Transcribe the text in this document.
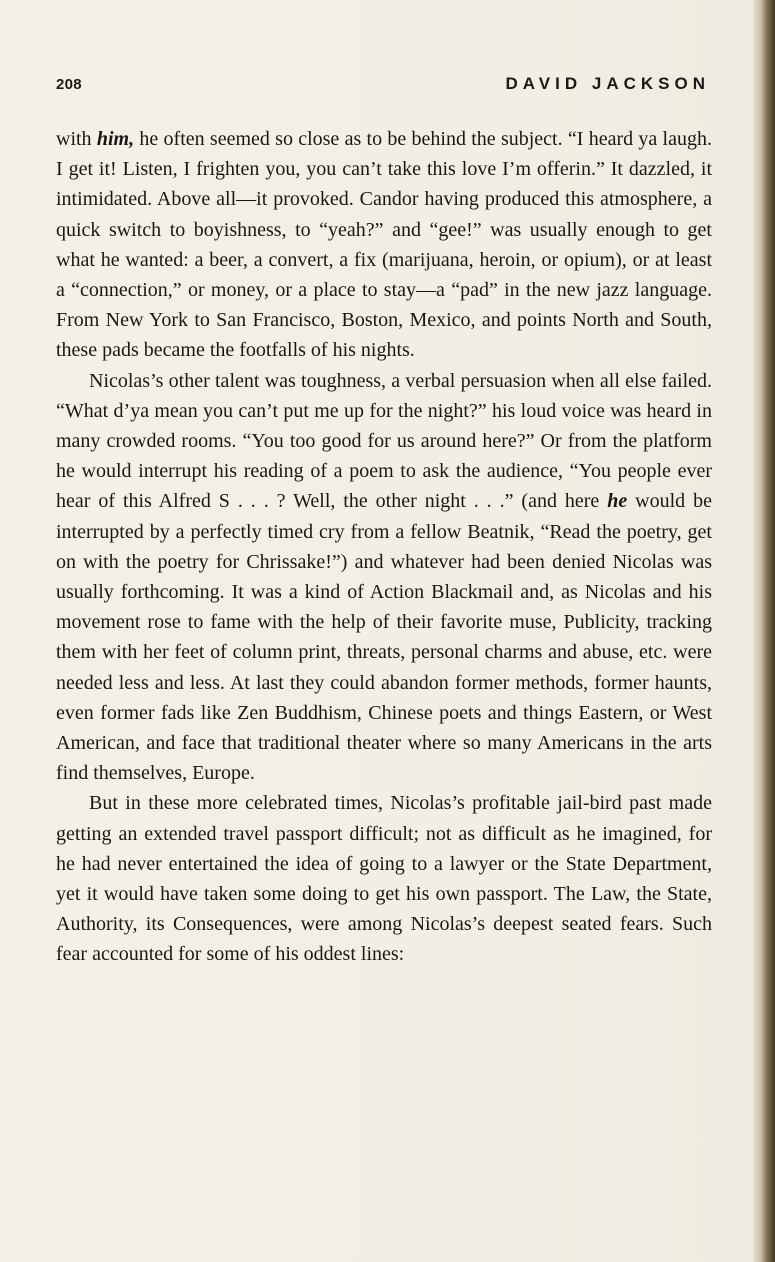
208	DAVID JACKSON

with him, he often seemed so close as to be behind the subject. “I heard ya laugh. I get it! Listen, I frighten you, you can’t take this love I’m offerin.” It dazzled, it intimidated. Above all—it provoked. Candor having produced this atmosphere, a quick switch to boyishness, to “yeah?” and “gee!” was usually enough to get what he wanted: a beer, a convert, a fix (marijuana, heroin, or opium), or at least a “connection,” or money, or a place to stay—a “pad” in the new jazz language. From New York to San Francisco, Boston, Mexico, and points North and South, these pads became the footfalls of his nights.

Nicolas’s other talent was toughness, a verbal persuasion when all else failed. “What d’ya mean you can’t put me up for the night?” his loud voice was heard in many crowded rooms. “You too good for us around here?” Or from the platform he would interrupt his reading of a poem to ask the audience, “You people ever hear of this Alfred S . . . ? Well, the other night . . .” (and here he would be interrupted by a perfectly timed cry from a fellow Beatnik, “Read the poetry, get on with the poetry for Chrissake!”) and whatever had been denied Nicolas was usually forthcoming. It was a kind of Action Blackmail and, as Nicolas and his movement rose to fame with the help of their favorite muse, Publicity, tracking them with her feet of column print, threats, personal charms and abuse, etc. were needed less and less. At last they could abandon former methods, former haunts, even former fads like Zen Buddhism, Chinese poets and things Eastern, or West American, and face that traditional theater where so many Americans in the arts find themselves, Europe.

But in these more celebrated times, Nicolas’s profitable jail-bird past made getting an extended travel passport difficult; not as difficult as he imagined, for he had never entertained the idea of going to a lawyer or the State Department, yet it would have taken some doing to get his own passport. The Law, the State, Authority, its Consequences, were among Nicolas’s deepest seated fears. Such fear accounted for some of his oddest lines:
